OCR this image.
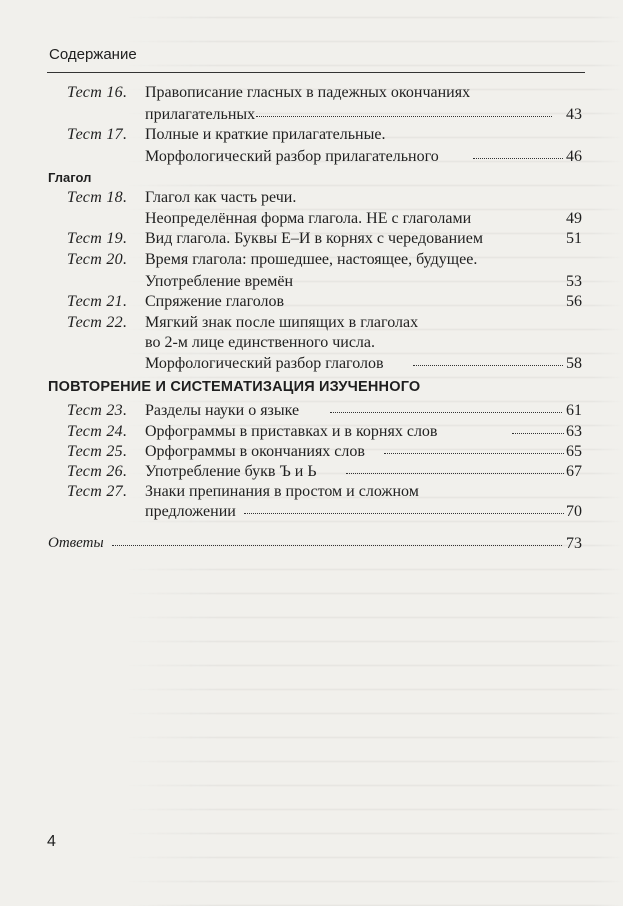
Содержание
Тест 16. Правописание гласных в падежных окончаниях
прилагательных	43
Тест 17. Полные и краткие прилагательные.
Морфологический разбор прилагательного	46
Глагол
Тест 18. Глагол как часть речи.
Неопределённая форма глагола. НЕ с глаголами	49
Тест 19. Вид глагола. Буквы Е–И в корнях с чередованием	51
Тест 20. Время глагола: прошедшее, настоящее, будущее.
Употребление времён	53
Тест 21. Спряжение глаголов	56
Тест 22. Мягкий знак после шипящих в глаголах
во 2-м лице единственного числа.
Морфологический разбор глаголов	58
ПОВТОРЕНИЕ И СИСТЕМАТИЗАЦИЯ ИЗУЧЕННОГО
Тест 23. Разделы науки о языке	61
Тест 24. Орфограммы в приставках и в корнях слов	63
Тест 25. Орфограммы в окончаниях слов	65
Тест 26. Употребление букв Ъ и Ь	67
Тест 27. Знаки препинания в простом и сложном
предложении	70
Ответы	73
4
